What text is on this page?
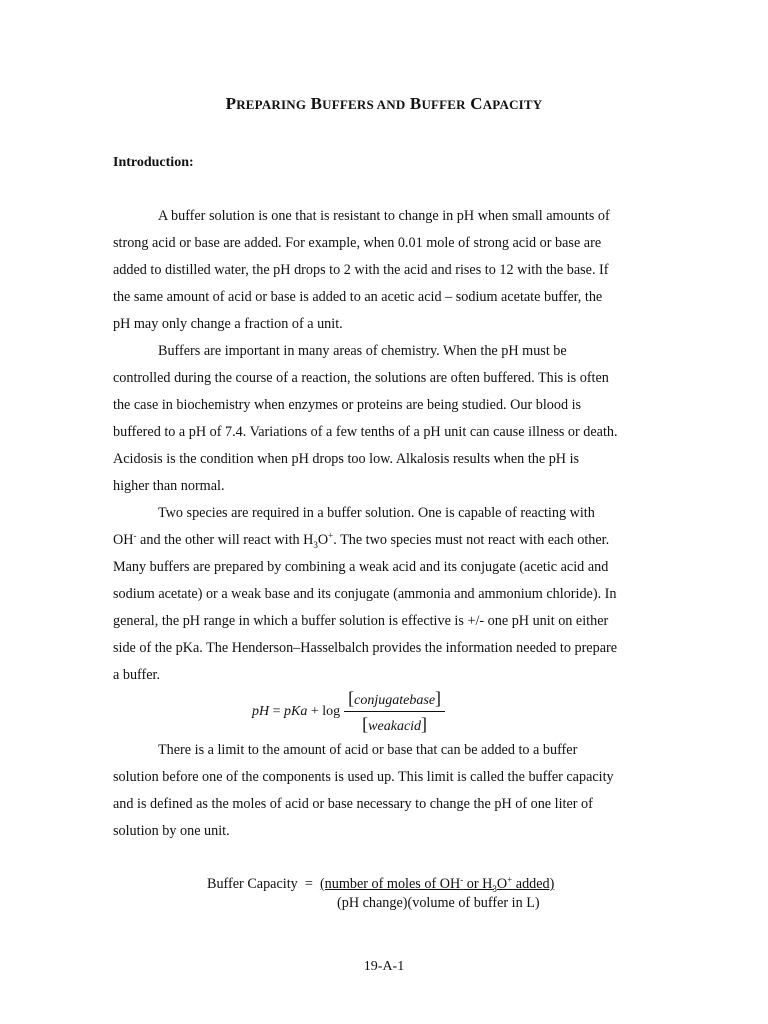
PREPARING BUFFERS AND BUFFER CAPACITY
Introduction:

A buffer solution is one that is resistant to change in pH when small amounts of
strong acid or base are added. For example, when 0.01 mole of strong acid or base are
added to distilled water, the pH drops to 2 with the acid and rises to 12 with the base. If
the same amount of acid or base is added to an acetic acid – sodium acetate buffer, the
pH may only change a fraction of a unit.

Buffers are important in many areas of chemistry. When the pH must be
controlled during the course of a reaction, the solutions are often buffered. This is often
the case in biochemistry when enzymes or proteins are being studied. Our blood is
buffered to a pH of 7.4. Variations of a few tenths of a pH unit can cause illness or death.
Acidosis is the condition when pH drops too low. Alkalosis results when the pH is
higher than normal.

Two species are required in a buffer solution. One is capable of reacting with
OH- and the other will react with $H_3O^+$. The two species must not react with each other.
Many buffers are prepared by combining a weak acid and its conjugate (acetic acid and
sodium acetate) or a weak base and its conjugate (ammonia and ammonium chloride). In
general, the pH range in which a buffer solution is effective is +/- one pH unit on either
side of the pKa. The Henderson–Hasselbalch provides the information needed to prepare
a buffer.

pH = pKa + $\log \frac{\text{[conjugatebase]}}{\text{[weakacid]}}$

There is a limit to the amount of acid or base that can be added to a buffer
solution before one of the components is used up. This limit is called the buffer capacity
and is defined as the moles of acid or base necessary to change the pH of one liter of
solution by one unit.

Buffer Capacity  =  (number of moles of OH- or $H_3O^+$ added)
(pH change)(volume of buffer in L)
19-A-1
